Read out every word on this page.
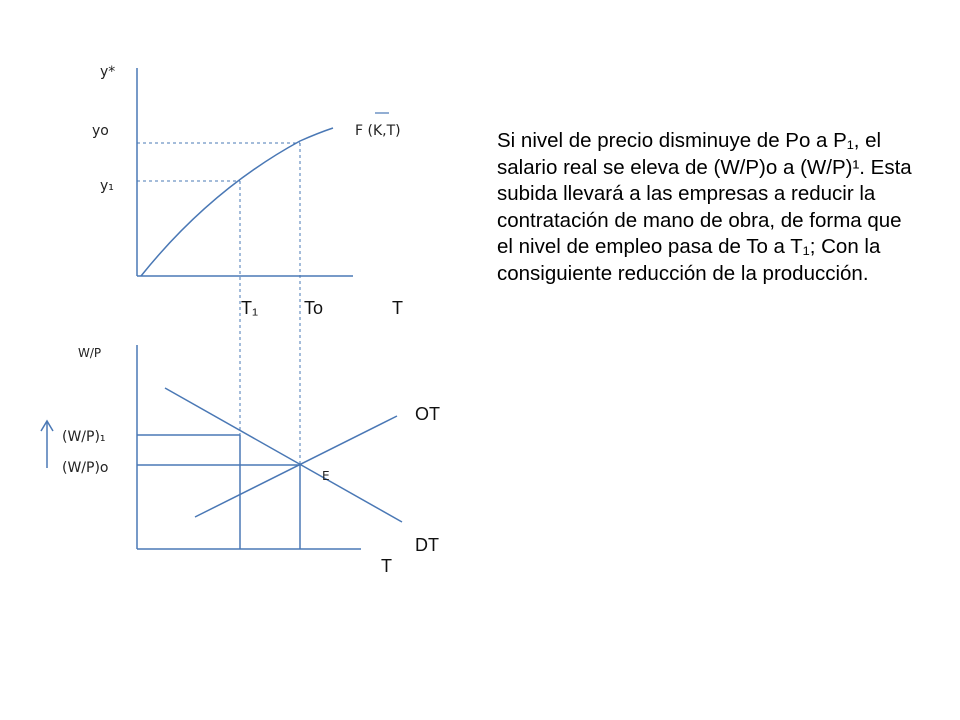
y*
yo
y₁
F (K,T)
T₁	To	T
W/P
(W/P)₁
(W/P)o
OT
DT
E
T

Si nivel de precio disminuye de Po a P₁, el salario real se eleva de (W/P)o a (W/P)¹. Esta subida llevará a las empresas a reducir la contratación de mano de obra, de forma que el nivel de empleo pasa de To a T₁; Con la consiguiente reducción de la producción.
